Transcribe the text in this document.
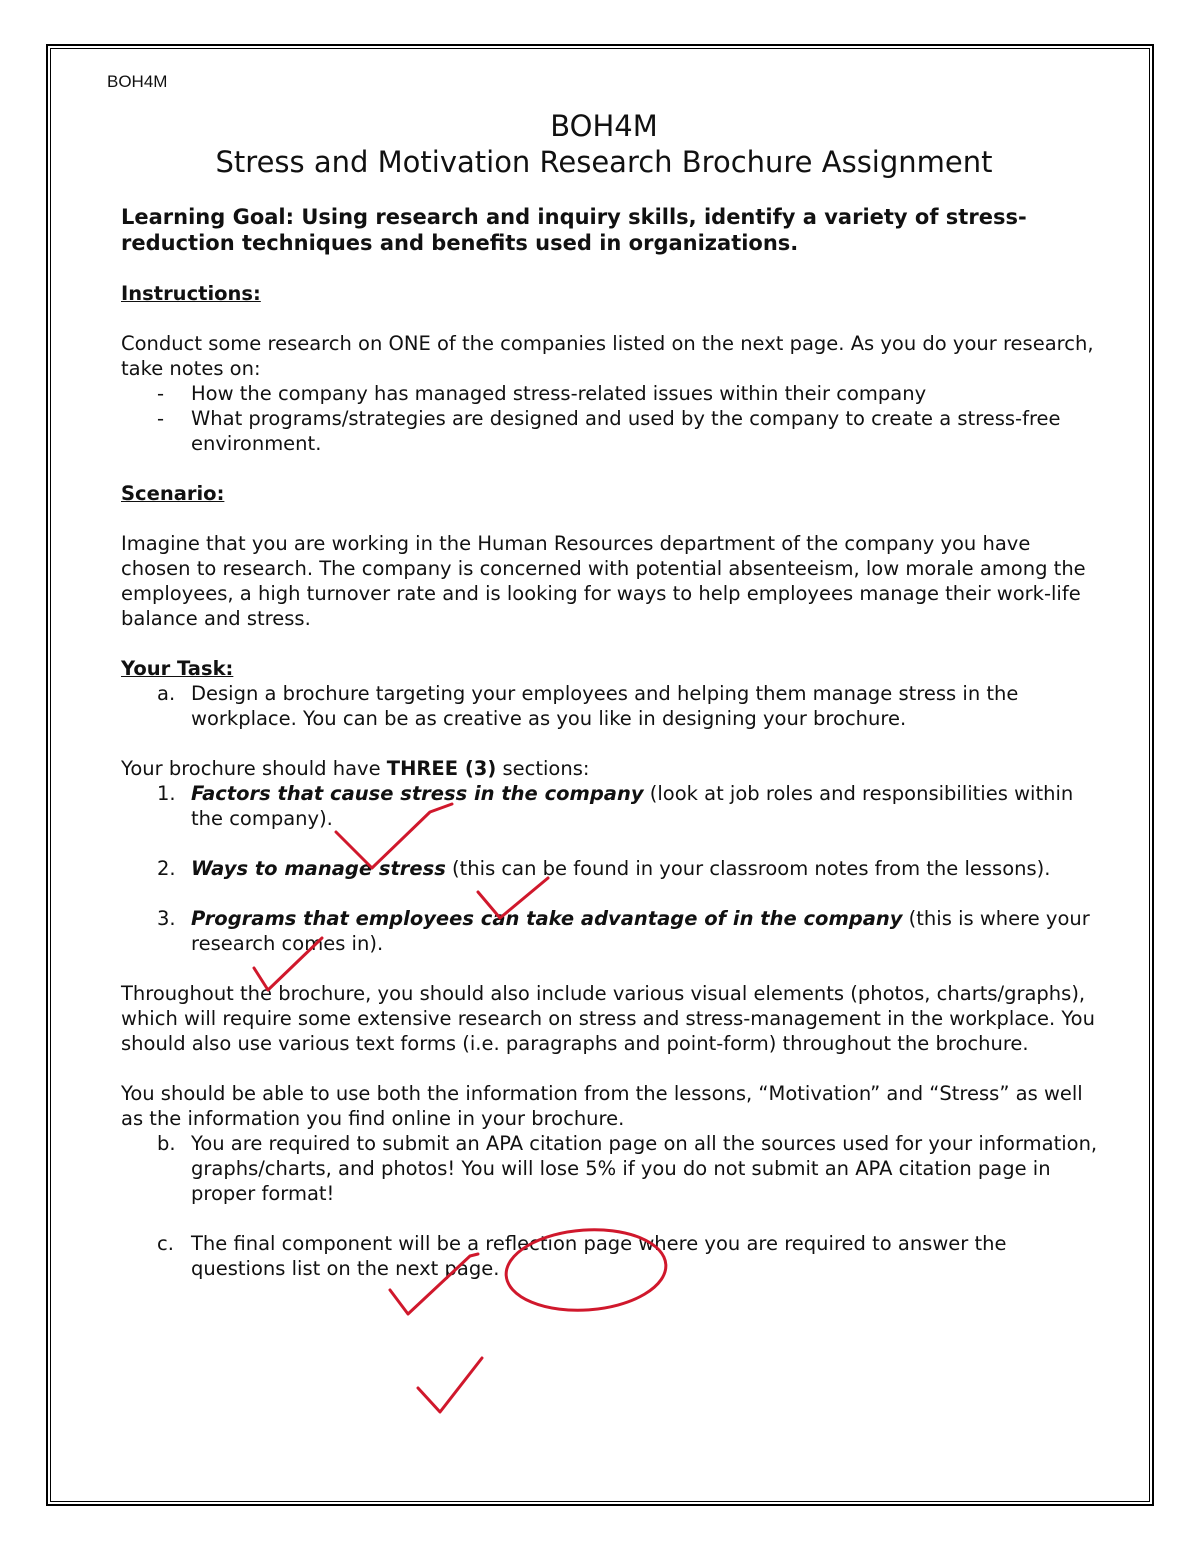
BOH4M
BOH4M
Stress and Motivation Research Brochure Assignment
Learning Goal: Using research and inquiry skills, identify a variety of stress-reduction techniques and benefits used in organizations.
Instructions:

Conduct some research on ONE of the companies listed on the next page. As you do your research, take notes on:

- How the company has managed stress-related issues within their company
- What programs/strategies are designed and used by the company to create a stress-free environment.
Scenario:

Imagine that you are working in the Human Resources department of the company you have chosen to research. The company is concerned with potential absenteeism, low morale among the employees, a high turnover rate and is looking for ways to help employees manage their work-life balance and stress.

Your Task:
a. Design a brochure targeting your employees and helping them manage stress in the workplace. You can be as creative as you like in designing your brochure.

Your brochure should have THREE (3) sections:

1. Factors that cause stress in the company (look at job roles and responsibilities within the company).
2. Ways to manage stress (this can be found in your classroom notes from the lessons).
3. Programs that employees can take advantage of in the company (this is where your research comes in).

Throughout the brochure, you should also include various visual elements (photos, charts/graphs), which will require some extensive research on stress and stress-management in the workplace. You should also use various text forms (i.e. paragraphs and point-form) throughout the brochure.

You should be able to use both the information from the lessons, “Motivation” and “Stress” as well as the information you find online in your brochure.

b. You are required to submit an APA citation page on all the sources used for your information, graphs/charts, and photos! You will lose 5% if you do not submit an APA citation page in proper format!
c. The final component will be a reflection page where you are required to answer the questions list on the next page.
